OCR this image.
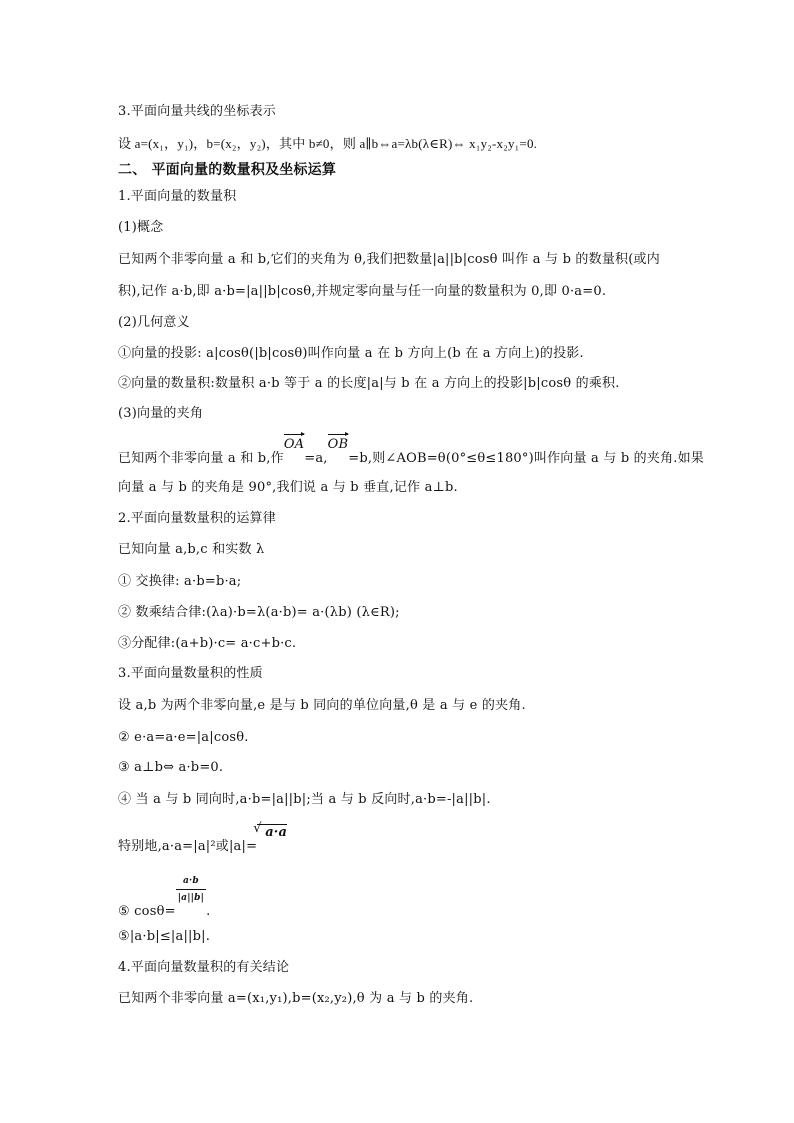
3.平面向量共线的坐标表示
设 a=(x₁，y₁)，b=(x₂，y₂)，其中 b≠0，则 a∥b⇔a=λb(λ∈R)⇔ x₁y₂-x₂y₁=0.
二、 平面向量的数量积及坐标运算
1.平面向量的数量积
(1)概念
已知两个非零向量 a 和 b,它们的夹角为 θ,我们把数量|a||b|cosθ 叫作 a 与 b 的数量积(或内
积),记作 a·b,即 a·b=|a||b|cosθ,并规定零向量与任一向量的数量积为 0,即 0·a=0.
(2)几何意义
①向量的投影: a|cosθ(|b|cosθ)叫作向量 a 在 b 方向上(b 在 a 方向上)的投影.
②向量的数量积:数量积 a·b 等于 a 的长度|a|与 b 在 a 方向上的投影|b|cosθ 的乘积.
(3)向量的夹角
已知两个非零向量 a 和 b,作OA=a,OB=b,则∠AOB=θ(0°≤θ≤180°)叫作向量 a 与 b 的夹角.如果
向量 a 与 b 的夹角是 90°,我们说 a 与 b 垂直,记作 a⊥b.
2.平面向量数量积的运算律
已知向量 a,b,c 和实数 λ
① 交换律: a·b=b·a;
② 数乘结合律:(λa)·b=λ(a·b)= a·(λb) (λ∈R);
③分配律:(a+b)·c= a·c+b·c.
3.平面向量数量积的性质
设 a,b 为两个非零向量,e 是与 b 同向的单位向量,θ 是 a 与 e 的夹角.
② e·a=a·e=|a|cosθ.
③ a⊥b⇔ a·b=0.
④ 当 a 与 b 同向时,a·b=|a||b|;当 a 与 b 反向时,a·b=-|a||b|.
特别地,a·a=|a|²或|a|=√ a·a
⑤ cosθ=
$\frac{a\cdot b}{|a||b|}$
.
⑤|a·b|≤|a||b|.
4.平面向量数量积的有关结论
已知两个非零向量 a=(x₁,y₁),b=(x₂,y₂),θ 为 a 与 b 的夹角.
